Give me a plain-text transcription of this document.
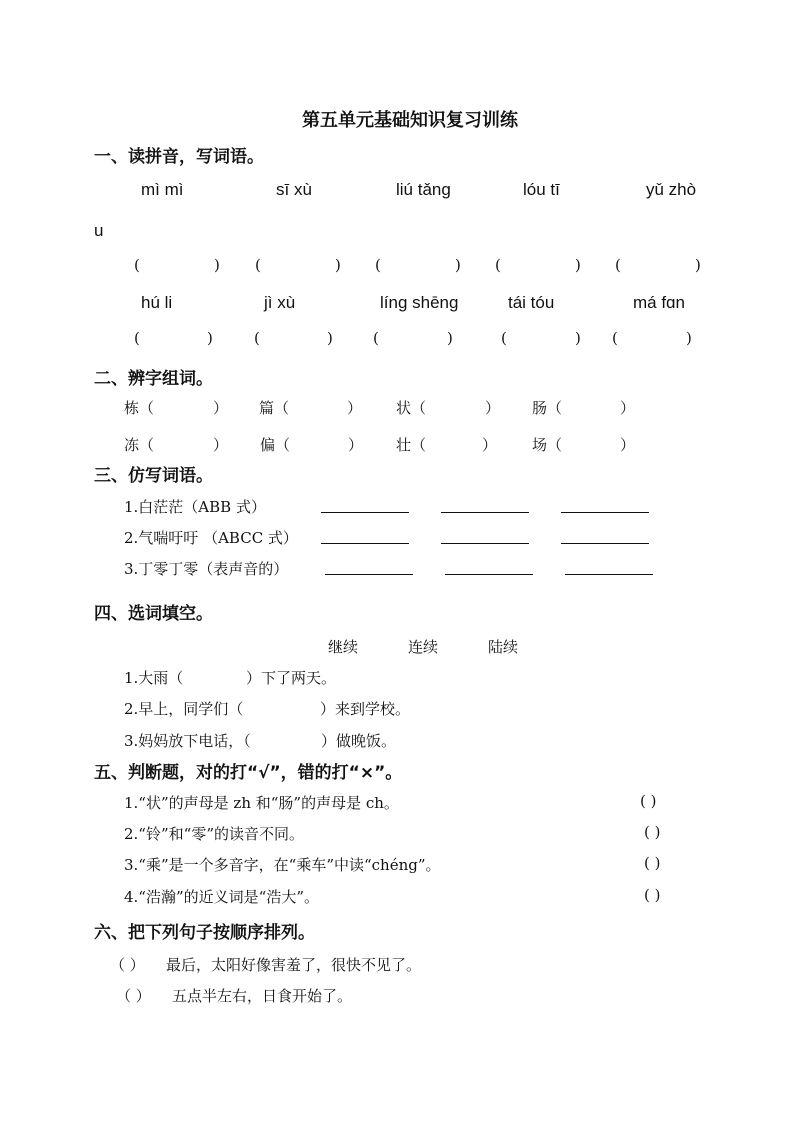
第五单元基础知识复习训练
一、读拼音，写词语。
mì mì	sī xù	liú tǎng	lóu tī	yǔ zhò
u
(	) (	) (	) (	) (	)
hú li	jì xù	líng shēng	tái tóu	má fɑn
(	)	(	)	(	)	(	) (	)
二、辨字组词。
栋（	） 篇（	） 状（	） 肠（	）
冻（	） 偏（	） 壮（	） 场（	）
三、仿写词语。
1.白茫茫（ABB 式）
2.气喘吁吁 （ABCC 式）
3.丁零丁零（表声音的）
四、选词填空。
继续	连续	陆续
1.大雨（	）下了两天。
2.早上，同学们（	）来到学校。
3.妈妈放下电话，（	）做晚饭。
五、判断题，对的打“√”，错的打“×”。
1.“状”的声母是 zh 和“肠”的声母是 ch。	( )
2.“铃”和“零”的读音不同。	( )
3.“乘”是一个多音字，在“乘车”中读“chéng”。	( )
4.“浩瀚”的近义词是“浩大”。	( )
六、把下列句子按顺序排列。
（ ） 最后，太阳好像害羞了，很快不见了。
（ ） 五点半左右，日食开始了。
